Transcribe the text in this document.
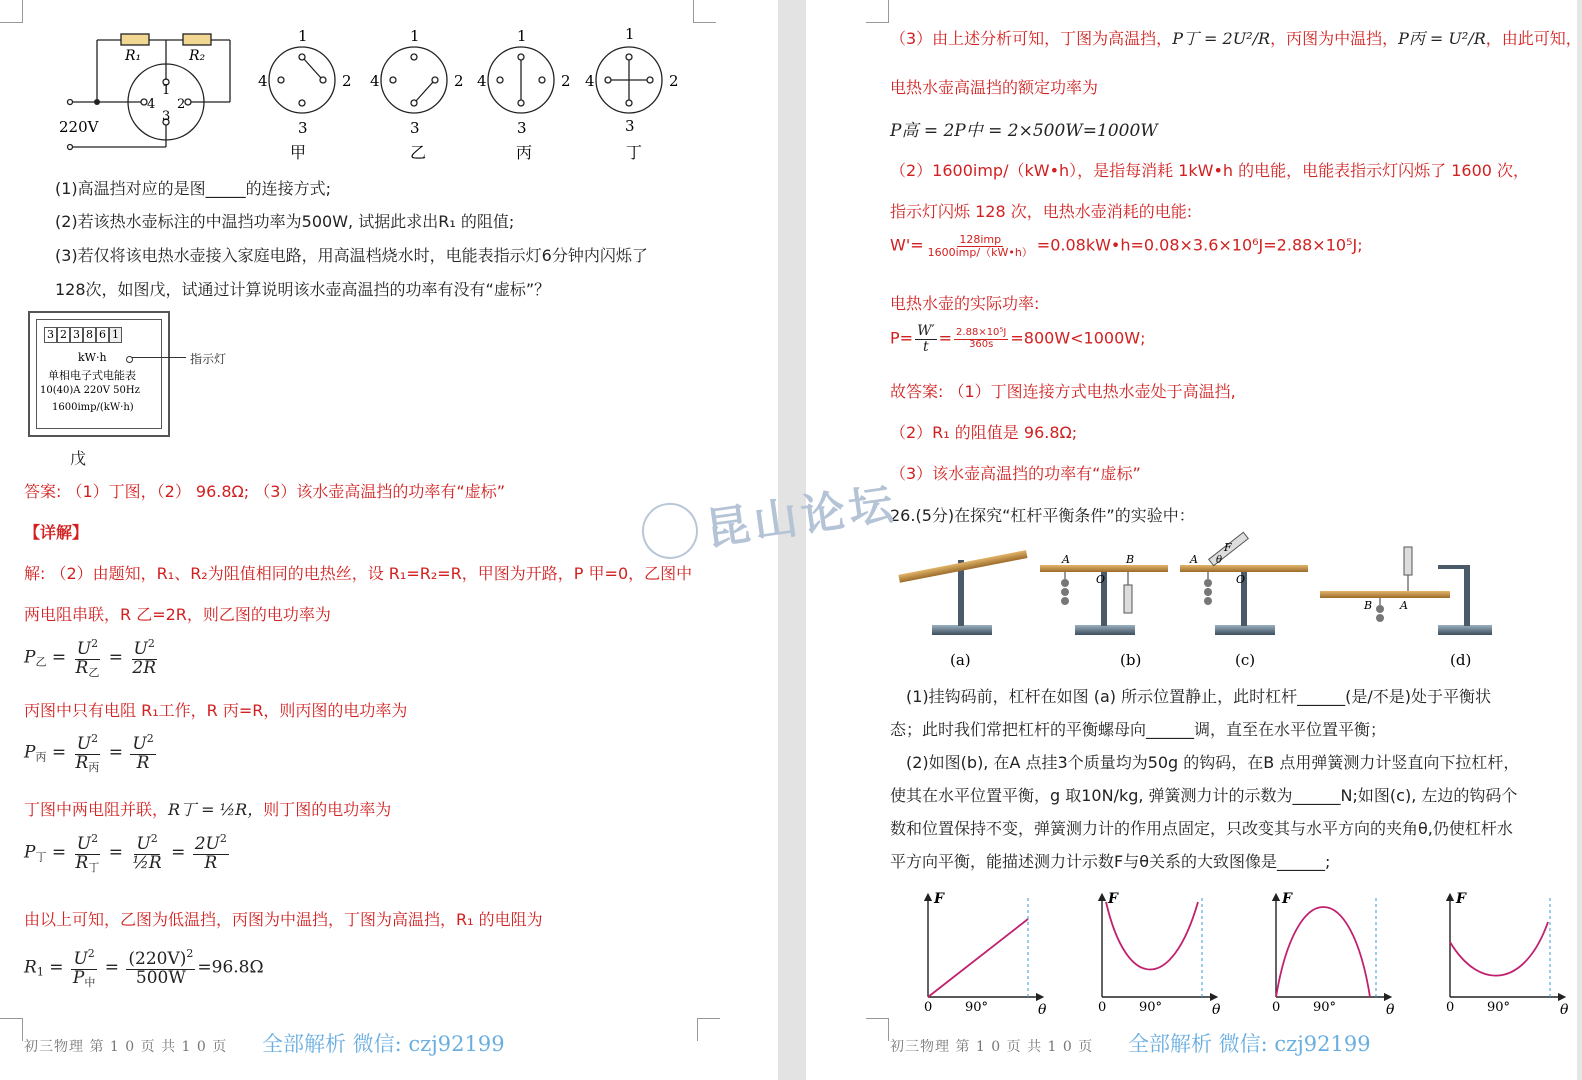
R₁	R₂
220V
1
2
3
4
1
4	2
3
1
4	2
3
1
4	2
3
1
4	2
3
甲	乙	丙	丁
(1)高温挡对应的是图_____的连接方式;
(2)若该热水壶标注的中温挡功率为500W, 试据此求出R₁ 的阻值;
(3)若仅将该电热水壶接入家庭电路，用高温档烧水时，电能表指示灯6分钟内闪烁了
128次，如图戊，试通过计算说明该水壶高温挡的功率有没有“虚标”？
3 2 3 8 6 1
kW·h
单相电子式电能表
10(40)A 220V 50Hz
1600imp/(kW·h)
指示灯
戊
答案: （1）丁图，（2） 96.8Ω; （3）该水壶高温挡的功率有“虚标”
【详解】
解: （2）由题知，R₁、R₂为阻值相同的电热丝，设 R₁=R₂=R，甲图为开路，P 甲=0，乙图中
两电阻串联，R 乙=2R，则乙图的电功率为
$P_乙 = \frac{U^2}{R_乙} = \frac{U^2}{2R}$
丙图中只有电阻 R₁工作，R 丙=R，则丙图的电功率为
$P_丙 = \frac{U^2}{R_丙} = \frac{U^2}{R}$
丁图中两电阻并联，R丁 = ½R，则丁图的电功率为
$P_丁 = \frac{U^2}{R_丁} = \frac{U^2}{\text{½R}} = \frac{2U^2}{R}$
由以上可知，乙图为低温挡，丙图为中温挡，丁图为高温挡，R₁ 的电阻为
$R_1 = \frac{U^2}{P_中} = \frac{(220V)^2}{500W} =96.8\Omega$
初三物理 第 1 0 页 共 1 0 页 全部解析 微信: czj92199
（3）由上述分析可知，丁图为高温挡，P丁 = 2U²/R，丙图为中温挡，P丙 = U²/R，由此可知，
电热水壶高温挡的额定功率为
P高 = 2P中 = 2×500W=1000W
（2）1600imp/（kW•h），是指每消耗 1kW•h 的电能，电能表指示灯闪烁了 1600 次，
指示灯闪烁 128 次，电热水壶消耗的电能:
$W'= \frac{\text{128imp}}{\text{1600imp/（kW•h）}}$ =0.08kW•h=0.08×3.6×10⁶J=2.88×10⁵J;
电热水壶的实际功率:
$P= \frac{W'}{t} = \frac{\text{2.88×10⁵J}}{360s} =800W<1000W$;
故答案: （1）丁图连接方式电热水壶处于高温挡,
（2）R₁ 的阻值是 96.8Ω;
（3）该水壶高温挡的功率有“虚标”
26.(5分)在探究“杠杆平衡条件”的实验中：
A	B
O
A
F
θ
O
B	A
(a)	(b)	(c)	(d)
(1)挂钩码前，杠杆在如图 (a) 所示位置静止，此时杠杆______(是/不是)处于平衡状
态；此时我们常把杠杆的平衡螺母向______调，直至在水平位置平衡；
(2)如图(b), 在A 点挂3个质量均为50g 的钩码，在B 点用弹簧测力计竖直向下拉杠杆，
使其在水平位置平衡，g 取10N/kg, 弹簧测力计的示数为______N;如图(c), 左边的钩码个
数和位置保持不变，弹簧测力计的作用点固定，只改变其与水平方向的夹角θ,仍使杠杆水
平方向平衡，能描述测力计示数F与θ关系的大致图像是______;
F
θ
0	90°
F
θ
0	90°
F
θ
0	90°
F
θ
0	90°
昆山论坛
初三物理 第 1 0 页 共 1 0 页 全部解析 微信: czj92199
